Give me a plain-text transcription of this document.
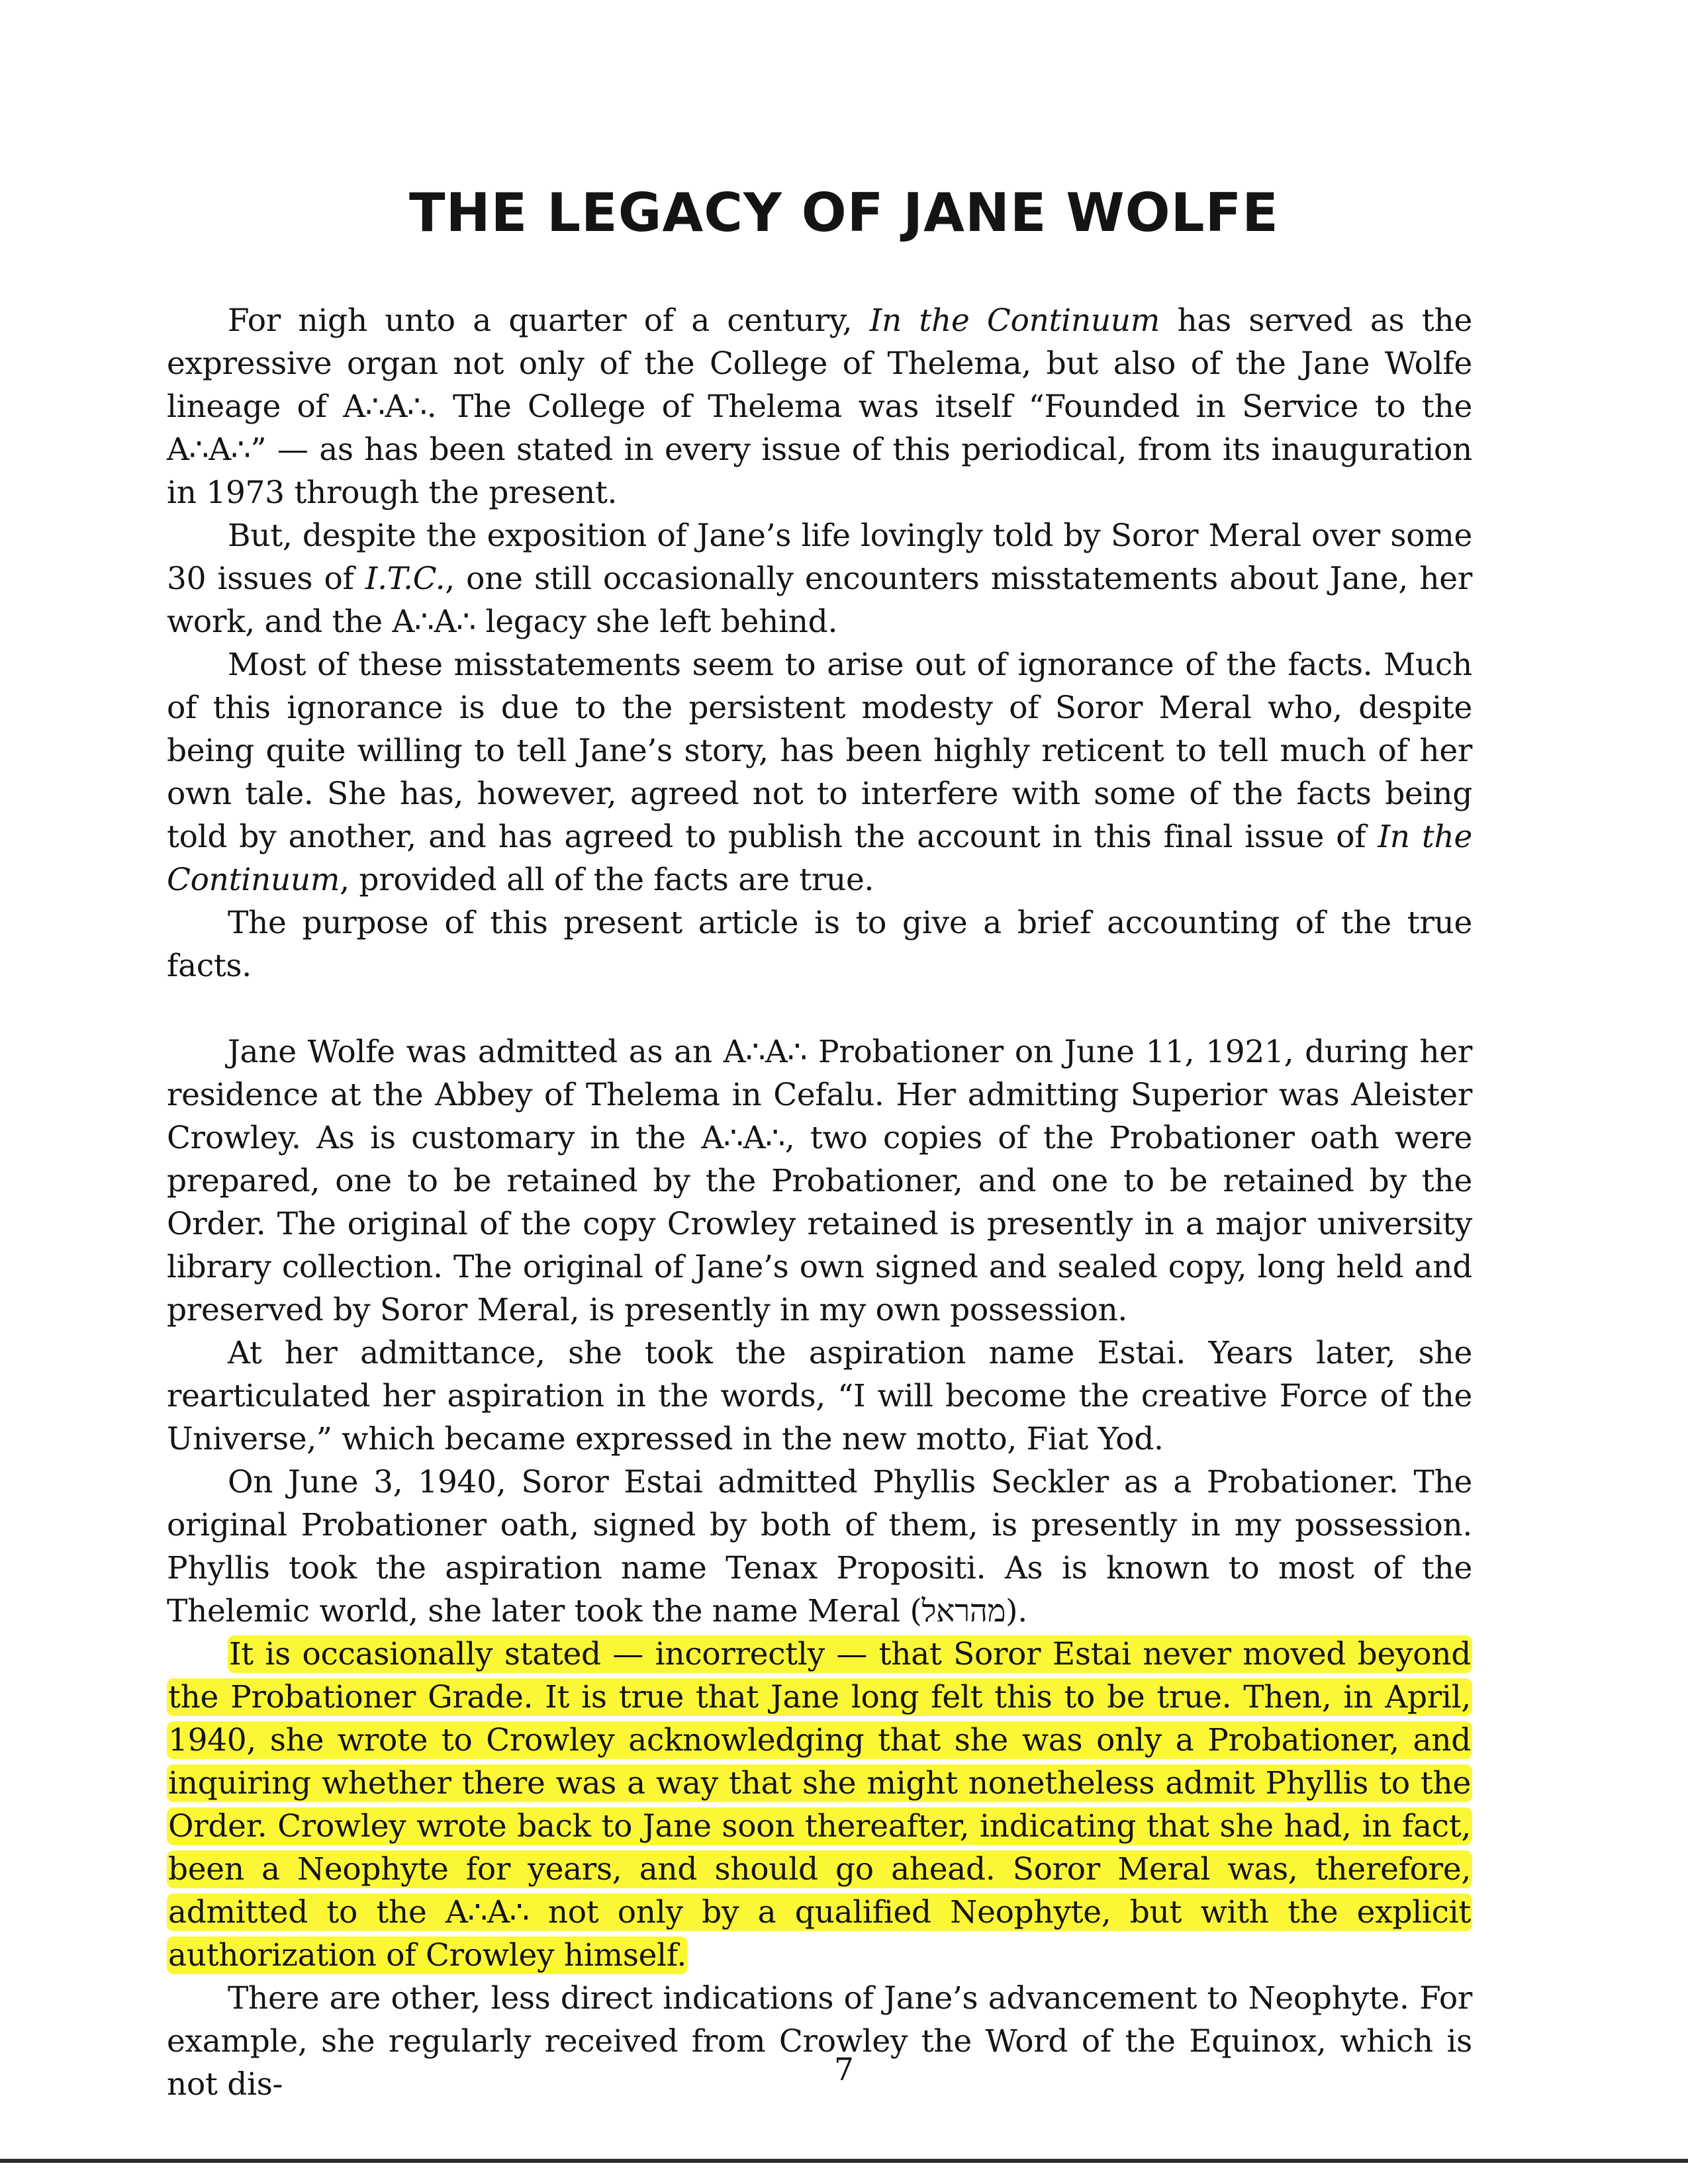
THE LEGACY OF JANE WOLFE

For nigh unto a quarter of a century, In the Continuum has served as the expressive organ not only of the College of Thelema, but also of the Jane Wolfe lineage of A∴A∴. The College of Thelema was itself “Founded in Service to the A∴A∴” — as has been stated in every issue of this periodical, from its inauguration in 1973 through the present.

But, despite the exposition of Jane’s life lovingly told by Soror Meral over some 30 issues of I.T.C., one still occasionally encounters misstatements about Jane, her work, and the A∴A∴ legacy she left behind.

Most of these misstatements seem to arise out of ignorance of the facts. Much of this ignorance is due to the persistent modesty of Soror Meral who, despite being quite willing to tell Jane’s story, has been highly reticent to tell much of her own tale. She has, however, agreed not to interfere with some of the facts being told by another, and has agreed to publish the account in this final issue of In the Continuum, provided all of the facts are true.

The purpose of this present article is to give a brief accounting of the true facts.

Jane Wolfe was admitted as an A∴A∴ Probationer on June 11, 1921, during her residence at the Abbey of Thelema in Cefalu. Her admitting Superior was Aleister Crowley. As is customary in the A∴A∴, two copies of the Probationer oath were prepared, one to be retained by the Probationer, and one to be retained by the Order. The original of the copy Crowley retained is presently in a major university library collection. The original of Jane’s own signed and sealed copy, long held and preserved by Soror Meral, is presently in my own possession.

At her admittance, she took the aspiration name Estai. Years later, she rearticulated her aspiration in the words, “I will become the creative Force of the Universe,” which became expressed in the new motto, Fiat Yod.

On June 3, 1940, Soror Estai admitted Phyllis Seckler as a Probationer. The original Probationer oath, signed by both of them, is presently in my possession. Phyllis took the aspiration name Tenax Propositi. As is known to most of the Thelemic world, she later took the name Meral (מהראל).

It is occasionally stated — incorrectly — that Soror Estai never moved beyond the Probationer Grade. It is true that Jane long felt this to be true. Then, in April, 1940, she wrote to Crowley acknowledging that she was only a Probationer, and inquiring whether there was a way that she might nonetheless admit Phyllis to the Order. Crowley wrote back to Jane soon thereafter, indicating that she had, in fact, been a Neophyte for years, and should go ahead. Soror Meral was, therefore, admitted to the A∴A∴ not only by a qualified Neophyte, but with the explicit authorization of Crowley himself.

There are other, less direct indications of Jane’s advancement to Neophyte. For example, she regularly received from Crowley the Word of the Equinox, which is not dis-	7
